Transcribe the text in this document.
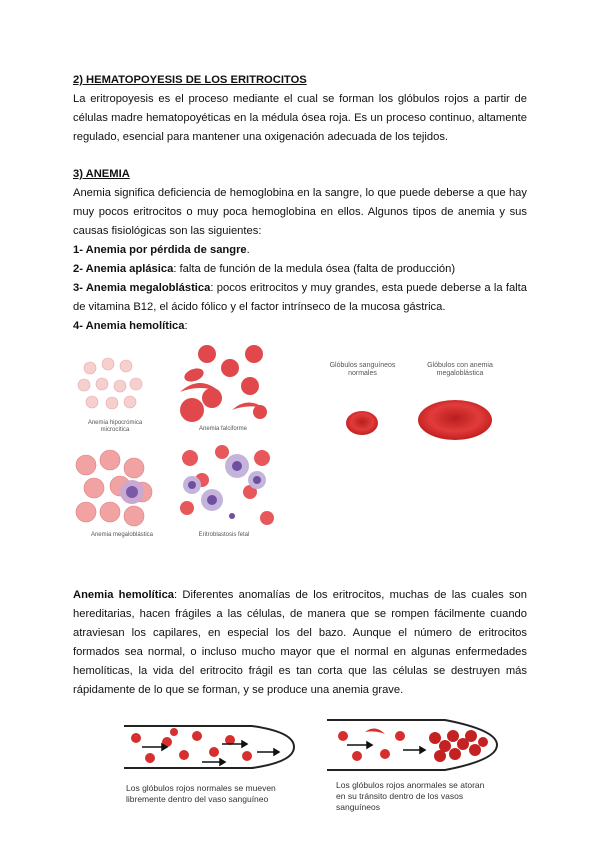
2) HEMATOPOYESIS DE LOS ERITROCITOS
La eritropoyesis es el proceso mediante el cual se forman los glóbulos rojos a partir de células madre hematopoyéticas en la médula ósea roja. Es un proceso continuo, altamente regulado, esencial para mantener una oxigenación adecuada de los tejidos.
3) ANEMIA
Anemia significa deficiencia de hemoglobina en la sangre, lo que puede deberse a que hay muy pocos eritrocitos o muy poca hemoglobina en ellos. Algunos tipos de anemia y sus causas fisiológicas son las siguientes:
1- Anemia por pérdida de sangre.
2- Anemia aplásica: falta de función de la medula ósea (falta de producción)
3- Anemia megaloblástica: pocos eritrocitos y muy grandes, esta puede deberse a la falta de vitamina B12, el ácido fólico y el factor intrínseco de la mucosa gástrica.
4- Anemia hemolítica:
Anemia hipocrómica microcítica	Anemia falciforme
Anemia megaloblástica	Eritroblastosis fetal
Glóbulos sanguíneos normales
Glóbulos con anemia megaloblástica
Anemia hemolítica: Diferentes anomalías de los eritrocitos, muchas de las cuales son hereditarias, hacen frágiles a las células, de manera que se rompen fácilmente cuando atraviesan los capilares, en especial los del bazo. Aunque el número de eritrocitos formados sea normal, o incluso mucho mayor que el normal en algunas enfermedades hemolíticas, la vida del eritrocito frágil es tan corta que las células se destruyen más rápidamente de lo que se forman, y se produce una anemia grave.
Los glóbulos rojos normales se mueven libremente dentro del vaso sanguíneo
Los glóbulos rojos anormales se atoran en su tránsito dentro de los vasos sanguíneos
